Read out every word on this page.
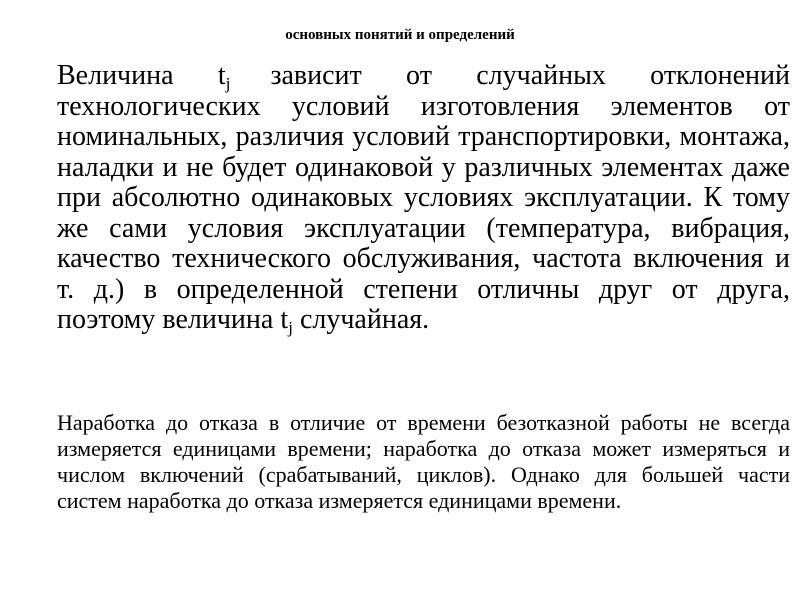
основных понятий и определений

Величина $t_j$ зависит от случайных отклонений технологических условий изготовления элементов от номинальных, различия условий транспортировки, монтажа, наладки и не будет одинаковой у различных элементах даже при абсолютно одинаковых условиях эксплуатации. К тому же сами условия эксплуатации (температура, вибрация, качество технического обслуживания, частота включения и т. д.) в определенной степени отличны друг от друга, поэтому величина $t_j$ случайная.

Наработка до отказа в отличие от времени безотказной работы не всегда измеряется единицами времени; наработка до отказа может измеряться и числом включений (срабатываний, циклов). Однако для большей части систем наработка до отказа измеряется единицами времени.
